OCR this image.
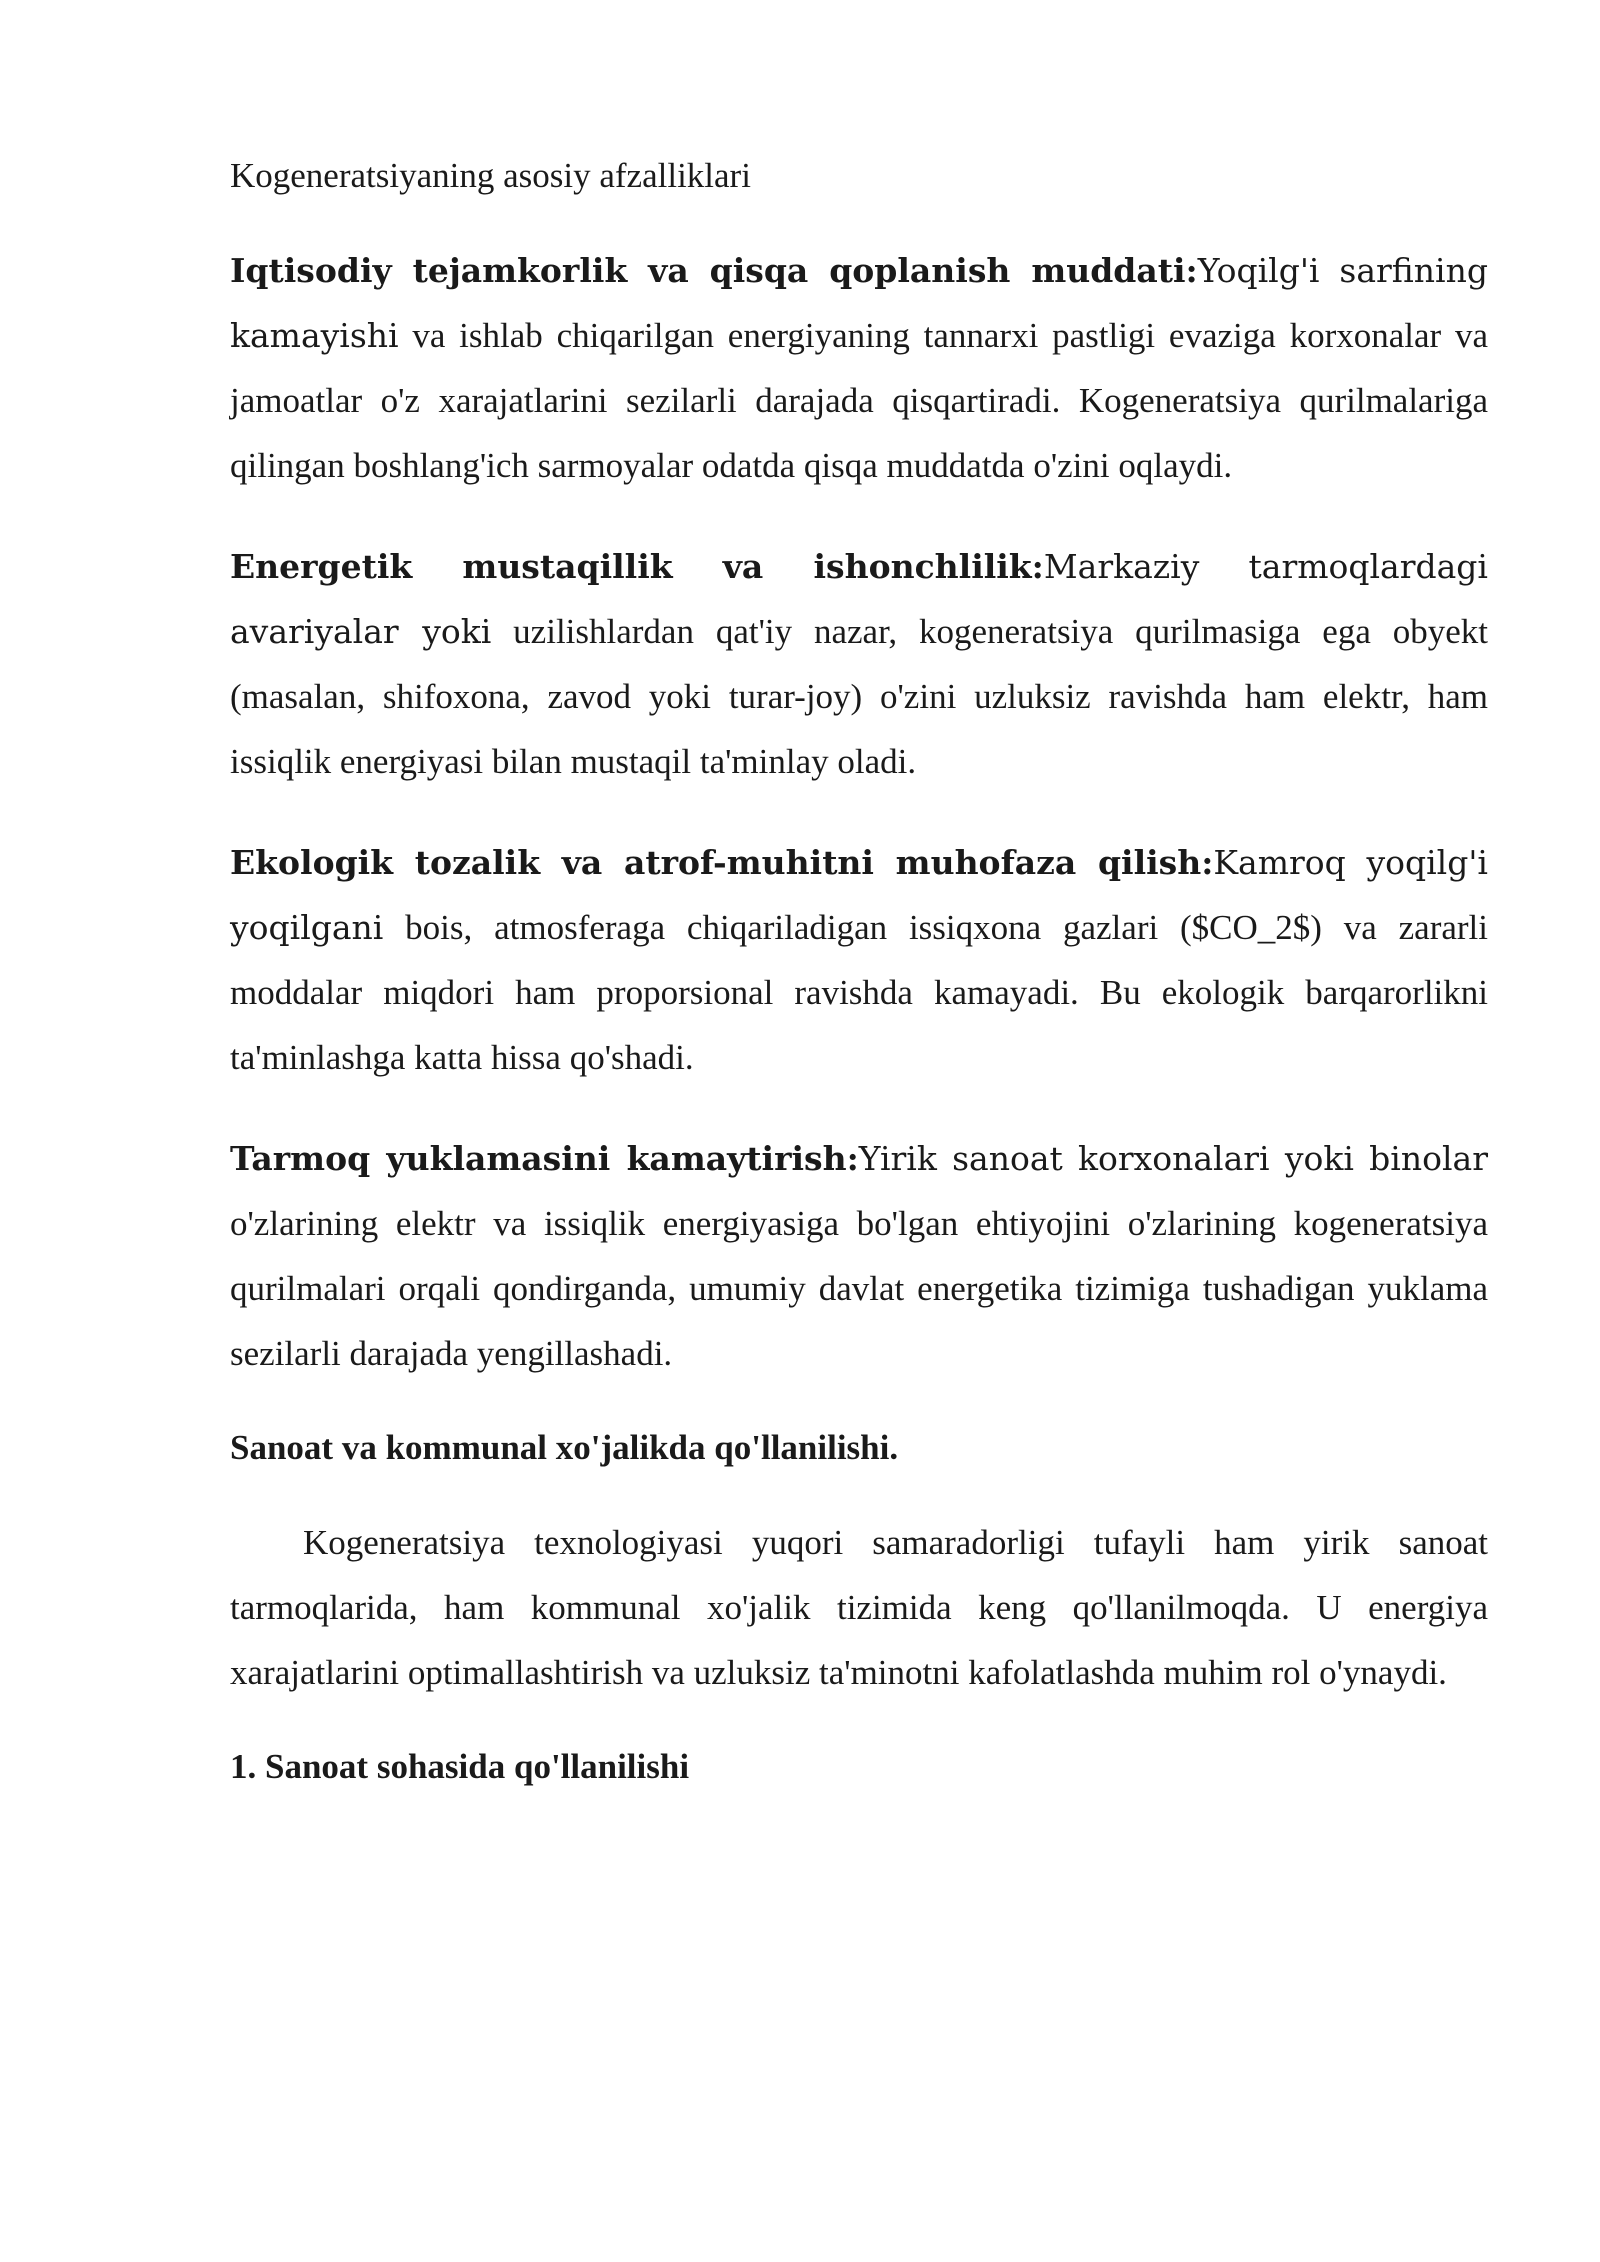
Kogeneratsiyaning asosiy afzalliklari

Iqtisodiy tejamkorlik va qisqa qoplanish muddati:Yoqilg'i sarfining kamayishi va ishlab chiqarilgan energiyaning tannarxi pastligi evaziga korxonalar va jamoatlar o'z xarajatlarini sezilarli darajada qisqartiradi. Kogeneratsiya qurilmalariga qilingan boshlang'ich sarmoyalar odatda qisqa muddatda o'zini oqlaydi.

Energetik mustaqillik va ishonchlilik:Markaziy tarmoqlardagi avariyalar yoki uzilishlardan qat'iy nazar, kogeneratsiya qurilmasiga ega obyekt (masalan, shifoxona, zavod yoki turar-joy) o'zini uzluksiz ravishda ham elektr, ham issiqlik energiyasi bilan mustaqil ta'minlay oladi.

Ekologik tozalik va atrof-muhitni muhofaza qilish:Kamroq yoqilg'i yoqilgani bois, atmosferaga chiqariladigan issiqxona gazlari ($CO_2$) va zararli moddalar miqdori ham proporsional ravishda kamayadi. Bu ekologik barqarorlikni ta'minlashga katta hissa qo'shadi.

Tarmoq yuklamasini kamaytirish:Yirik sanoat korxonalari yoki binolar o'zlarining elektr va issiqlik energiyasiga bo'lgan ehtiyojini o'zlarining kogeneratsiya qurilmalari orqali qondirganda, umumiy davlat energetika tizimiga tushadigan yuklama sezilarli darajada yengillashadi.

Sanoat va kommunal xo'jalikda qo'llanilishi.

Kogeneratsiya texnologiyasi yuqori samaradorligi tufayli ham yirik sanoat tarmoqlarida, ham kommunal xo'jalik tizimida keng qo'llanilmoqda. U energiya xarajatlarini optimallashtirish va uzluksiz ta'minotni kafolatlashda muhim rol o'ynaydi.

1. Sanoat sohasida qo'llanilishi
